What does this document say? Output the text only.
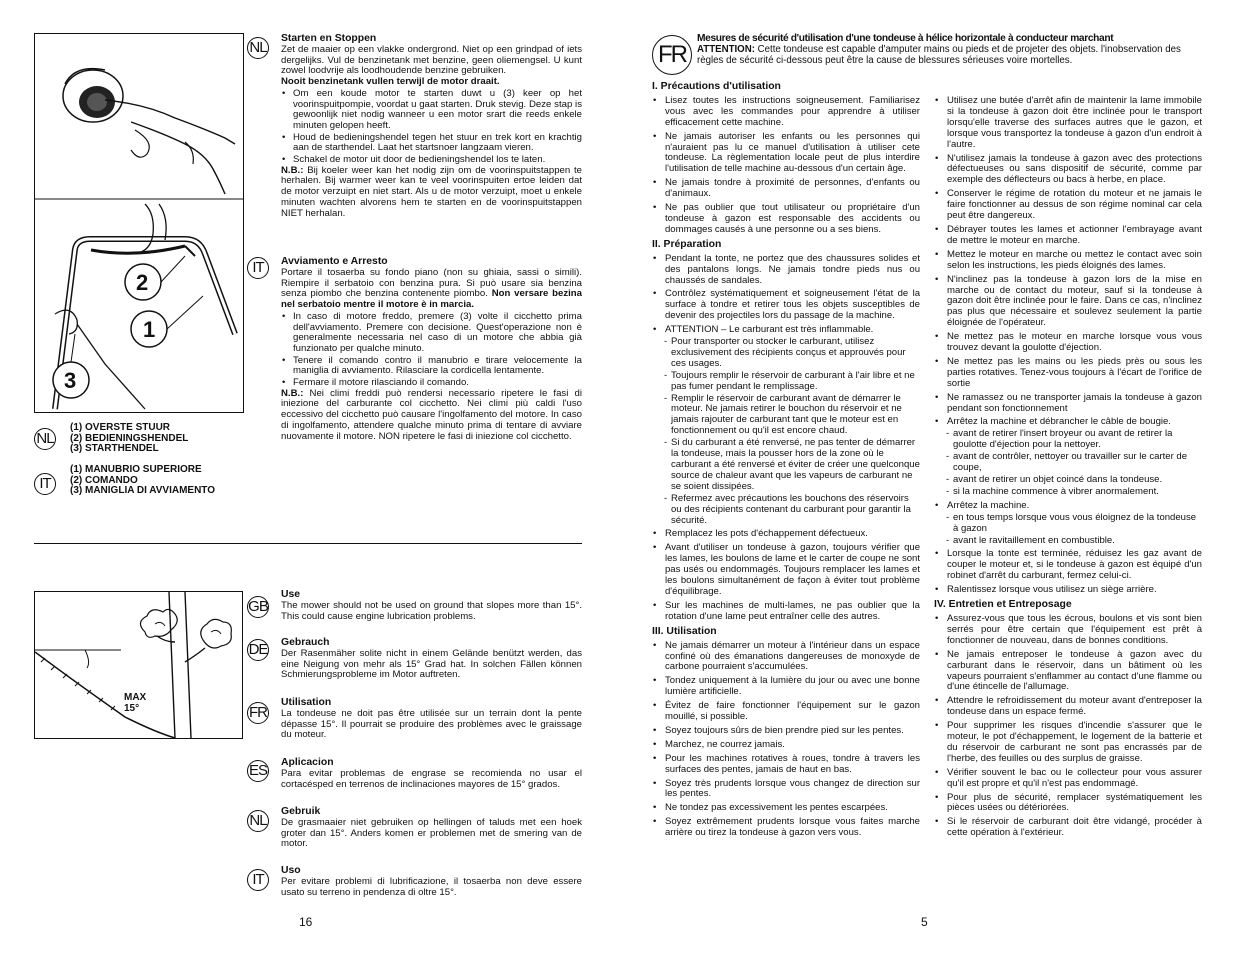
2
1
3
NL
(1) OVERSTE STUUR
(2) BEDIENINGSHENDEL
(3) STARTHENDEL
IT
(1) MANUBRIO SUPERIORE
(2) COMANDO
(3) MANIGLIA DI AVVIAMENTO
NL
Starten en Stoppen

Zet de maaier op een vlakke ondergrond. Niet op een grindpad of iets dergelijks. Vul de benzinetank met benzine, geen oliemengsel. U kunt zowel loodvrije als loodhoudende benzine gebruiken.
Nooit benzinetank vullen terwijl de motor draait.

• Om een koude motor te starten duwt u (3) keer op het voorinspuitpompie, voordat u gaat starten. Druk stevig. Deze stap is gewoonlijk niet nodig wanneer u een motor srart die reeds enkele minuten gelopen heeft.
• Houd de bedieningshendel tegen het stuur en trek kort en krachtig aan de starthendel. Laat het startsnoer langzaam vieren.
• Schakel de motor uit door de bedieningshendel los te laten.

N.B.: Bij koeler weer kan het nodig zijn om de voorinspuitstappen te herhalen. Bij warmer weer kan te veel voorinspuiten ertoe leiden dat de motor verzuipt en niet start. Als u de motor verzuipt, moet u enkele minuten wachten alvorens hem te starten en de voorinspuitstappen NIET herhalan.

IT	Avviamento e Arresto

Portare il tosaerba su fondo piano (non su ghiaia, sassi o simili). Riempire il serbatoio con benzina pura. Si può usare sia benzina senza piombo che benzina contenente piombo. Non versare bezina nel serbatoio mentre il motore è in marcia.

• In caso di motore freddo, premere (3) volte il cicchetto prima dell'avviamento. Premere con decisione. Quest'operazione non è generalmente necessaria nel caso di un motore che abbia già funzionato per qualche minuto.
• Tenere il comando contro il manubrio e tirare velocemente la maniglia di avviamento. Rilasciare la cordicella lentamente.
• Fermare il motore rilasciando il comando.

N.B.: Nei climi freddi può rendersi necessario ripetere le fasi di iniezione del carburante col cicchetto. Nei climi più caldi l'uso eccessivo del cicchetto può causare l'ingolfamento del motore. In caso di ingolfamento, attendere qualche minuto prima di tentare di avviare nuovamente il motore. NON ripetere le fasi di iniezione col cicchetto.

MAX
15°
GB
Use

The mower should not be used on ground that slopes more than 15°. This could cause engine lubrication problems.

DE Gebrauch

Der Rasenmäher solite nicht in einem Gelände benützt werden, das eine Neigung von mehr als 15° Grad hat. In solchen Fällen können Schmierungsprobleme im Motor auftreten.

FR
Utilisation

La tondeuse ne doit pas être utilisée sur un terrain dont la pente dépasse 15°. Il pourrait se produire des problèmes avec le graissage du moteur.

ES Aplicacion

Para evitar problemas de engrase se recomienda no usar el cortacésped en terrenos de inclinaciones mayores de 15° grados.

NL
Gebruik

De grasmaaier niet gebruiken op hellingen of taluds met een hoek groter dan 15°. Anders komen er problemen met de smering van de motor.

IT
Uso

Per evitare problemi di lubrificazione, il tosaerba non deve essere usato su terreno in pendenza di oltre 15°.

16
FR
Mesures de sécurité d'utilisation d'une tondeuse à hélice horizontale à conducteur marchant
ATTENTION: Cette tondeuse est capable d'amputer mains ou pieds et de projeter des objets. l'inobservation des règles de sécurité ci-dessous peut être la cause de blessures sérieuses voire mortelles.
I. Précautions d'utilisation
• Lisez toutes les instructions soigneusement. Familiarisez vous avec les commandes pour apprendre à utiliser efficacement cette machine.
• Ne jamais autoriser les enfants ou les personnes qui n'auraient pas lu ce manuel d'utilisation à utiliser cete tondeuse. La règlementation locale peut de plus interdire l'utilisation de telle machine au-dessous d'un certain âge.
• Ne jamais tondre à proximité de personnes, d'enfants ou d'animaux.
• Ne pas oublier que tout utilisateur ou propriétaire d'un tondeuse à gazon est responsable des accidents ou dommages causés à une personne ou a ses biens.
II. Préparation
• Pendant la tonte, ne portez que des chaussures solides et des pantalons longs. Ne jamais tondre pieds nus ou chaussés de sandales.
• Contrôlez systématiquement et soigneusement l'état de la surface à tondre et retirer tous les objets susceptibles de devenir des projectiles lors du passage de la machine.
• ATTENTION – Le carburant est très inflammable.
- Pour transporter ou stocker le carburant, utilisez exclusivement des récipients conçus et approuvés pour ces usages.
- Toujours remplir le réservoir de carburant à l'air libre et ne pas fumer pendant le remplissage.
- Remplir le réservoir de carburant avant de démarrer le moteur. Ne jamais retirer le bouchon du réservoir et ne jamais rajouter de carburant tant que le moteur est en fonctionnement ou qu'il est encore chaud.
- Si du carburant a été renversé, ne pas tenter de démarrer la tondeuse, mais la pousser hors de la zone où le carburant a été renversé et éviter de créer une quelconque source de chaleur avant que les vapeurs de carburant ne se soient dissipées.
- Refermez avec précautions les bouchons des réservoirs ou des récipients contenant du carburant pour garantir la sécurité.
• Remplacez les pots d'échappement défectueux.
• Avant d'utiliser un tondeuse à gazon, toujours vérifier que les lames, les boulons de lame et le carter de coupe ne sont pas usés ou endommagés. Toujours remplacer les lames et les boulons simultanément de façon à éviter tout problème d'équilibrage.
• Sur les machines de multi-lames, ne pas oublier que la rotation d'une lame peut entraîner celle des autres.
III. Utilisation
• Ne jamais démarrer un moteur à l'intérieur dans un espace confiné où des émanations dangereuses de monoxyde de carbone pourraient s'accumulées.
• Tondez uniquement à la lumière du jour ou avec une bonne lumière artificielle.
• Évitez de faire fonctionner l'équipement sur le gazon mouillé, si possible.
• Soyez toujours sûrs de bien prendre pied sur les pentes.
• Marchez, ne courrez jamais.
• Pour les machines rotatives à roues, tondre à travers les surfaces des pentes, jamais de haut en bas.
• Soyez très prudents lorsque vous changez de direction sur les pentes.
• Ne tondez pas excessivement les pentes escarpées.
• Soyez extrêmement prudents lorsque vous faites marche arrière ou tirez la tondeuse à gazon vers vous.
• Utilisez une butée d'arrêt afin de maintenir la lame immobile si la tondeuse à gazon doit être inclinée pour le transport lorsqu'elle traverse des surfaces autres que le gazon, et lorsque vous transportez la tondeuse à gazon d'un endroit à l'autre.
• N'utilisez jamais la tondeuse à gazon avec des protections défectueuses ou sans dispositif de sécurité, comme par exemple des déflecteurs ou bacs à herbe, en place.
• Conserver le régime de rotation du moteur et ne jamais le faire fonctionner au dessus de son régime nominal car cela peut être dangereux.
• Débrayer toutes les lames et actionner l'embrayage avant de mettre le moteur en marche.
• Mettez le moteur en marche ou mettez le contact avec soin selon les instructions, les pieds éloignés des lames.
• N'inclinez pas la tondeuse à gazon lors de la mise en marche ou de contact du moteur, sauf si la tondeuse à gazon doit être inclinée pour le faire. Dans ce cas, n'inclinez pas plus que nécessaire et soulevez seulement la partie éloignée de l'opérateur.
• Ne mettez pas le moteur en marche lorsque vous vous trouvez devant la goulotte d'éjection.
• Ne mettez pas les mains ou les pieds près ou sous les parties rotatives. Tenez-vous toujours à l'écart de l'orifice de sortie
• Ne ramassez ou ne transporter jamais la tondeuse à gazon pendant son fonctionnement
• Arrêtez la machine et débrancher le câble de bougie.
- avant de retirer l'insert broyeur ou avant de retirer la goulotte d'éjection pour la nettoyer.
- avant de contrôler, nettoyer ou travailler sur le carter de coupe,
- avant de retirer un objet coincé dans la tondeuse.
- si la machine commence à vibrer anormalement.
• Arrêtez la machine.
- en tous temps lorsque vous vous éloignez de la tondeuse à gazon
- avant le ravitaillement en combustible.
• Lorsque la tonte est terminée, réduisez les gaz avant de couper le moteur et, si le tondeuse à gazon est équipé d'un robinet d'arrêt du carburant, fermez celui-ci.
• Ralentissez lorsque vous utilisez un siège arrière.
IV. Entretien et Entreposage
• Assurez-vous que tous les écrous, boulons et vis sont bien serrés pour être certain que l'équipement est prêt à fonctionner de nouveau, dans de bonnes conditions.
• Ne jamais entreposer le tondeuse à gazon avec du carburant dans le réservoir, dans un bâtiment où les vapeurs pourraient s'enflammer au contact d'une flamme ou d'une étincelle de l'allumage.
• Attendre le refroidissement du moteur avant d'entreposer la tondeuse dans un espace fermé.
• Pour supprimer les risques d'incendie s'assurer que le moteur, le pot d'échappement, le logement de la batterie et du réservoir de carburant ne sont pas encrassés par de l'herbe, des feuilles ou des surplus de graisse.
• Vérifier souvent le bac ou le collecteur pour vous assurer qu'il est propre et qu'il n'est pas endommagé.
• Pour plus de sécurité, remplacer systématiquement les pièces usées ou détériorées.
• Si le réservoir de carburant doit être vidangé, procéder à cette opération à l'extérieur.
5
